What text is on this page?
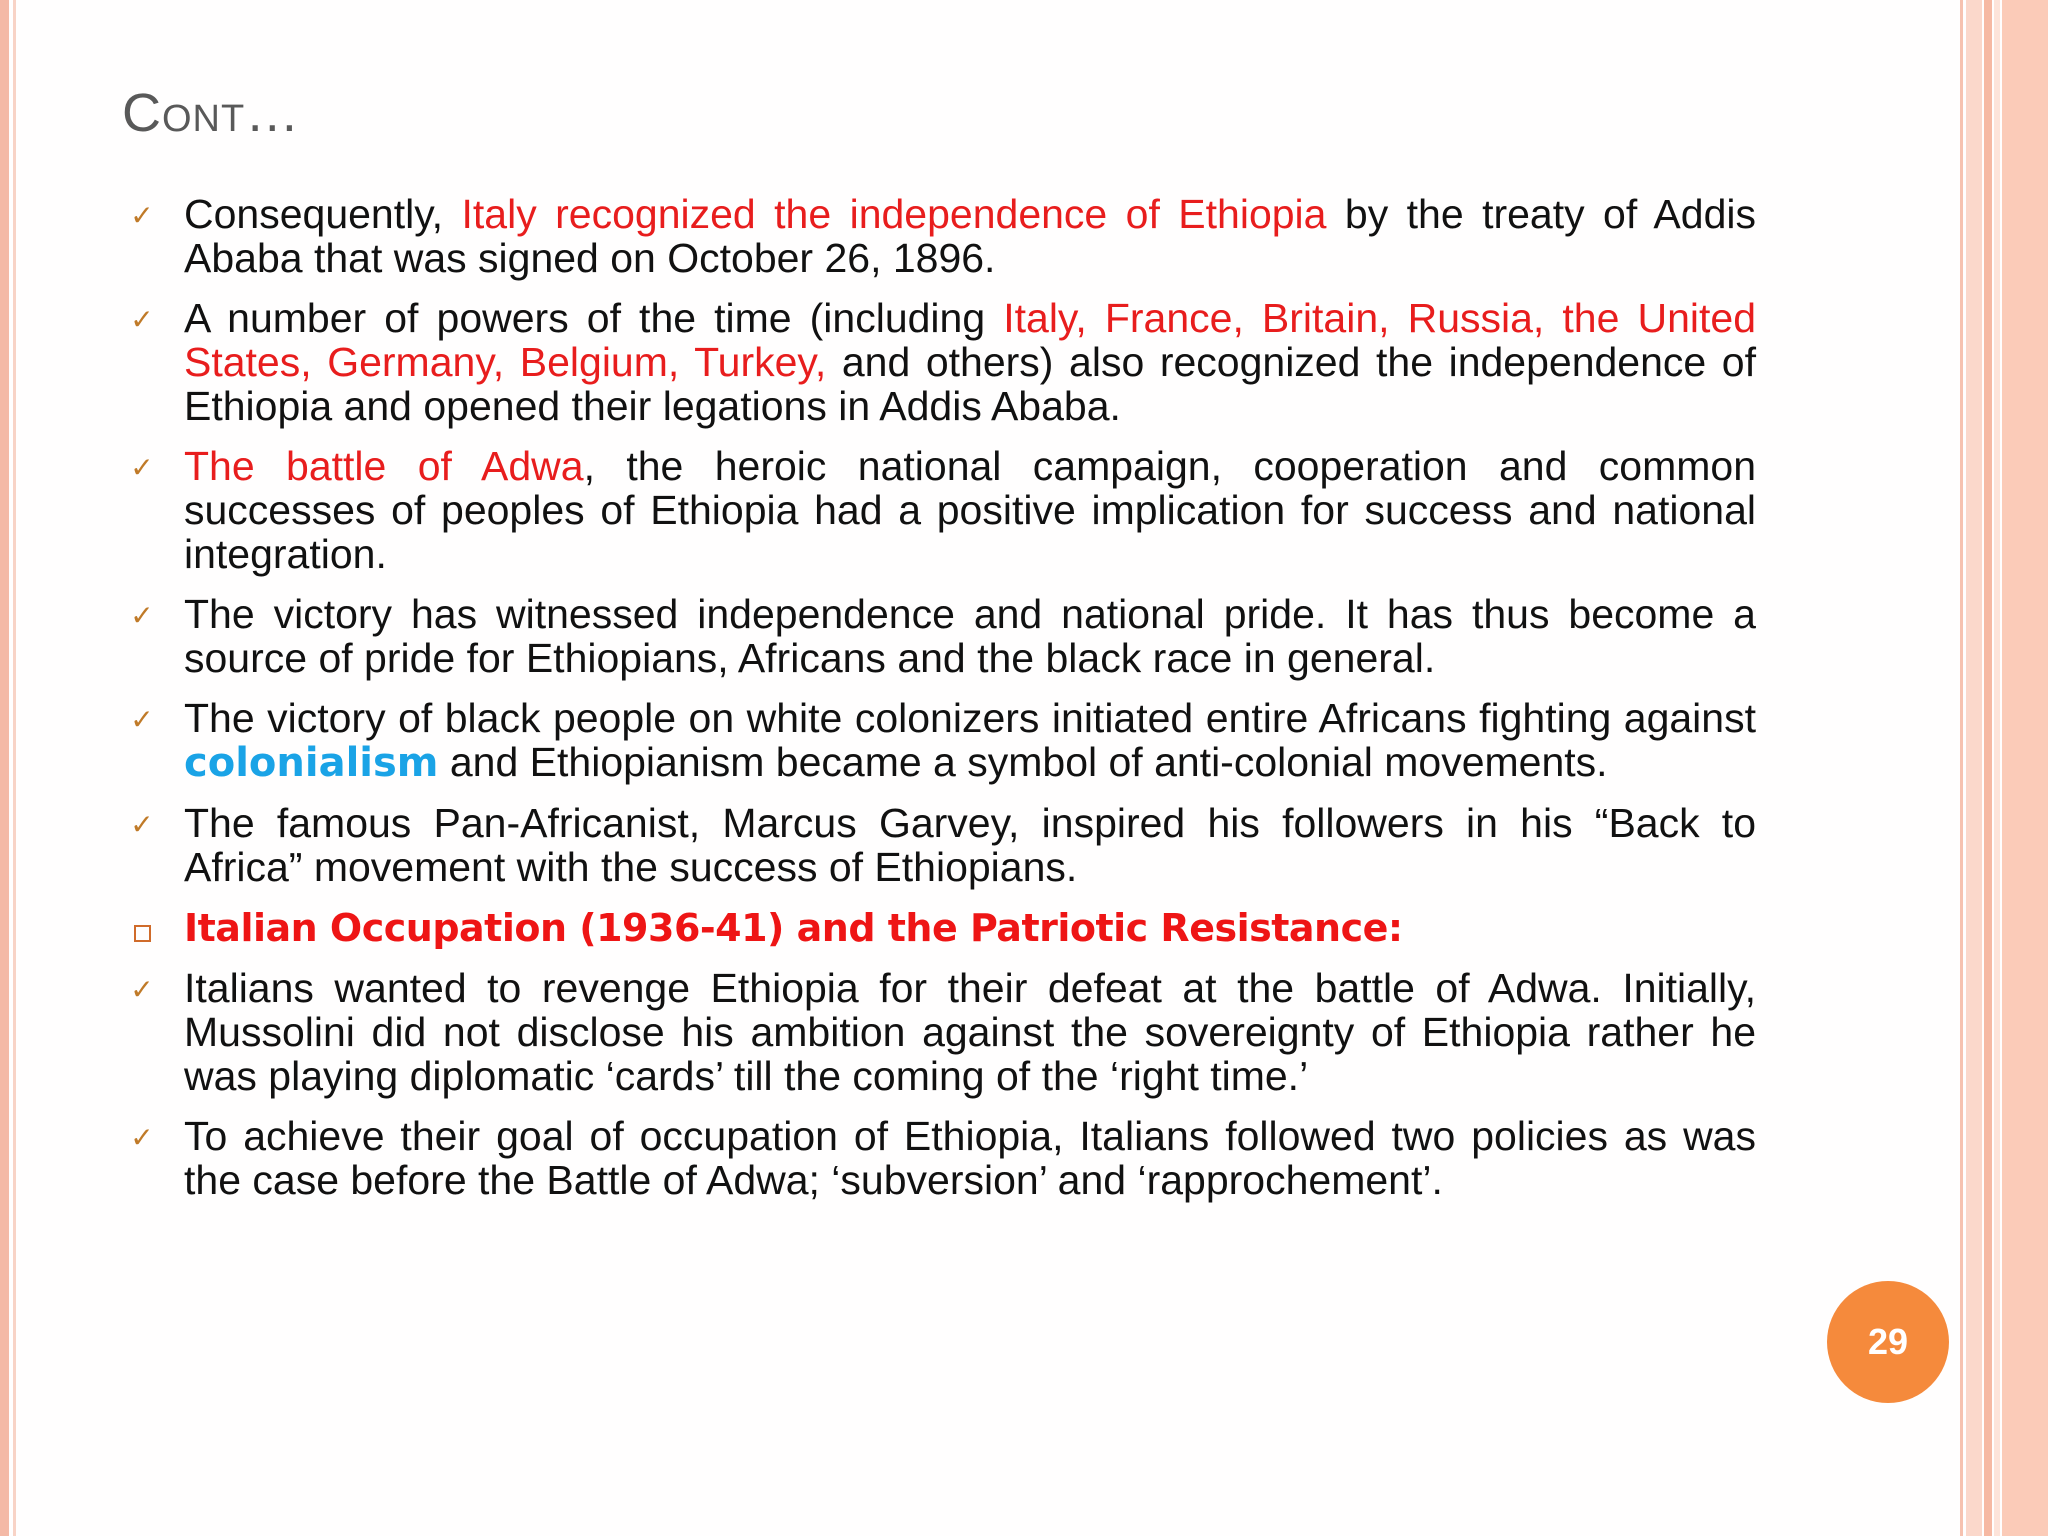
Cont…
✓ Consequently, Italy recognized the independence of Ethiopia by the treaty of Addis Ababa that was signed on October 26, 1896.
✓ A number of powers of the time (including Italy, France, Britain, Russia, the United States, Germany, Belgium, Turkey, and others) also recognized the independence of Ethiopia and opened their legations in Addis Ababa.
✓ The battle of Adwa, the heroic national campaign, cooperation and common successes of peoples of Ethiopia had a positive implication for success and national integration.
✓ The victory has witnessed independence and national pride. It has thus become a source of pride for Ethiopians, Africans and the black race in general.
✓ The victory of black people on white colonizers initiated entire Africans fighting against colonialism and Ethiopianism became a symbol of anti-colonial movements.
✓ The famous Pan-Africanist, Marcus Garvey, inspired his followers in his “Back to Africa” movement with the success of Ethiopians.
Italian Occupation (1936-41) and the Patriotic Resistance:
✓ Italians wanted to revenge Ethiopia for their defeat at the battle of Adwa. Initially, Mussolini did not disclose his ambition against the sovereignty of Ethiopia rather he was playing diplomatic ‘cards’ till the coming of the ‘right time.’
✓ To achieve their goal of occupation of Ethiopia, Italians followed two policies as was the case before the Battle of Adwa; ‘subversion’ and ‘rapprochement’.
29
